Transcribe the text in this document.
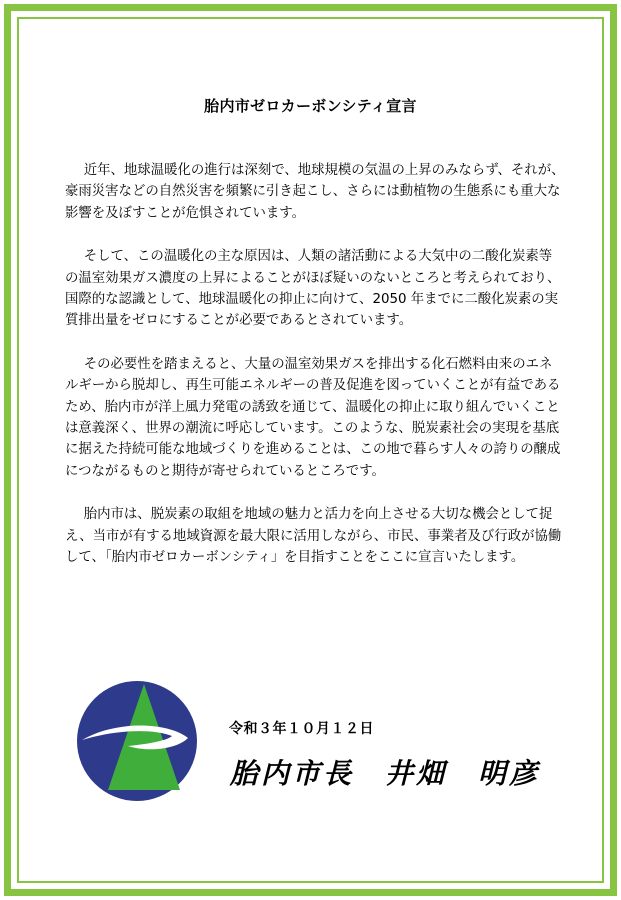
胎内市ゼロカーボンシティ宣言

近年、地球温暖化の進行は深刻で、地球規模の気温の上昇のみならず、それが、豪雨災害などの自然災害を頻繁に引き起こし、さらには動植物の生態系にも重大な影響を及ぼすことが危惧されています。

そして、この温暖化の主な原因は、人類の諸活動による大気中の二酸化炭素等の温室効果ガス濃度の上昇によることがほぼ疑いのないところと考えられており、国際的な認識として、地球温暖化の抑止に向けて、2050 年までに二酸化炭素の実質排出量をゼロにすることが必要であるとされています。

その必要性を踏まえると、大量の温室効果ガスを排出する化石燃料由来のエネルギーから脱却し、再生可能エネルギーの普及促進を図っていくことが有益であるため、胎内市が洋上風力発電の誘致を通じて、温暖化の抑止に取り組んでいくことは意義深く、世界の潮流に呼応しています。このような、脱炭素社会の実現を基底に据えた持続可能な地域づくりを進めることは、この地で暮らす人々の誇りの醸成につながるものと期待が寄せられているところです。

胎内市は、脱炭素の取組を地域の魅力と活力を向上させる大切な機会として捉え、当市が有する地域資源を最大限に活用しながら、市民、事業者及び行政が協働して、「胎内市ゼロカーボンシティ」を目指すことをここに宣言いたします。

令和３年１０月１２日
胎内市長　井畑　明彦
